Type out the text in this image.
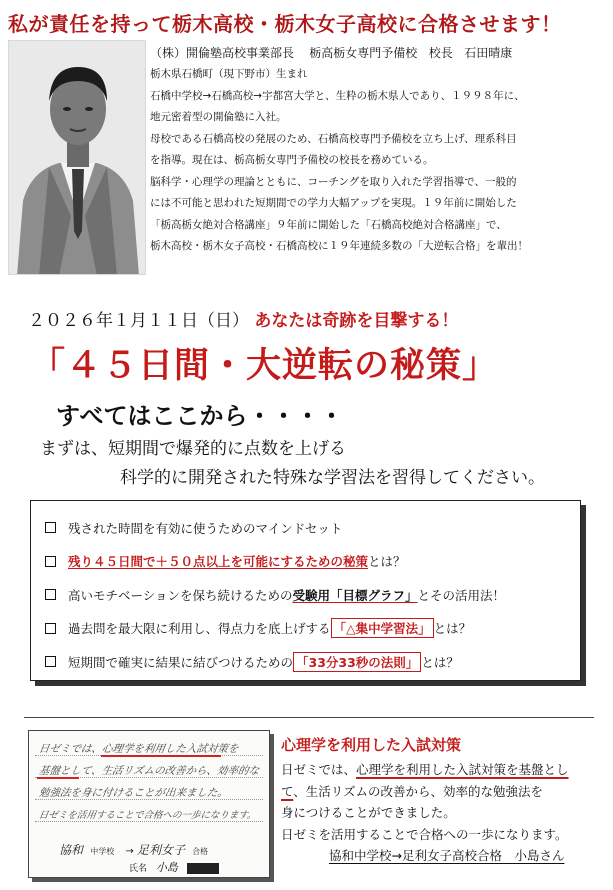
私が責任を持って栃木高校・栃木女子高校に合格させます！
（株）開倫塾高校事業部長 栃高栃女専門予備校 校長 石田晴康
栃木県石橋町（現下野市）生まれ
石橋中学校→石橋高校→宇都宮大学と、生粋の栃木県人であり、１９９８年に、
地元密着型の開倫塾に入社。
母校である石橋高校の発展のため、石橋高校専門予備校を立ち上げ、理系科目
を指導。現在は、栃高栃女専門予備校の校長を務めている。
脳科学・心理学の理論とともに、コーチングを取り入れた学習指導で、一般的
には不可能と思われた短期間での学力大幅アップを実現。１９年前に開始した
「栃高栃女絶対合格講座」９年前に開始した「石橋高校絶対合格講座」で、
栃木高校・栃木女子高校・石橋高校に１９年連続多数の「大逆転合格」を輩出！
２０２６年１月１１日（日） あなたは奇跡を目撃する！
「４５日間・大逆転の秘策」
すべてはここから・・・・
まずは、短期間で爆発的に点数を上げる
科学的に開発された特殊な学習法を習得してください。
残された時間を有効に使うためのマインドセット
残り４５日間で＋５０点以上を可能にするための秘策 とは？
高いモチベーションを保ち続けるための 受験用「目標グラフ」 とその活用法！
過去問を最大限に利用し、得点力を底上げする 「△集中学習法」 とは？
短期間で確実に結果に結びつけるための 「33分33秒の法則」 とは？
日ゼミでは、心理学を利用した入試対策を
基盤として、生活リズムの改善から、効率的な
勉強法を身に付けることが出来ました。
日ゼミを活用することで合格への一歩になります。
協和 中学校 → 足利女子 合格
氏名 小島
心理学を利用した入試対策
日ゼミでは、心理学を利用した入試対策を基盤とし
て、生活リズムの改善から、効率的な勉強法を
身につけることができました。
日ゼミを活用することで合格への一歩になります。
協和中学校→足利女子高校合格　小島さん
